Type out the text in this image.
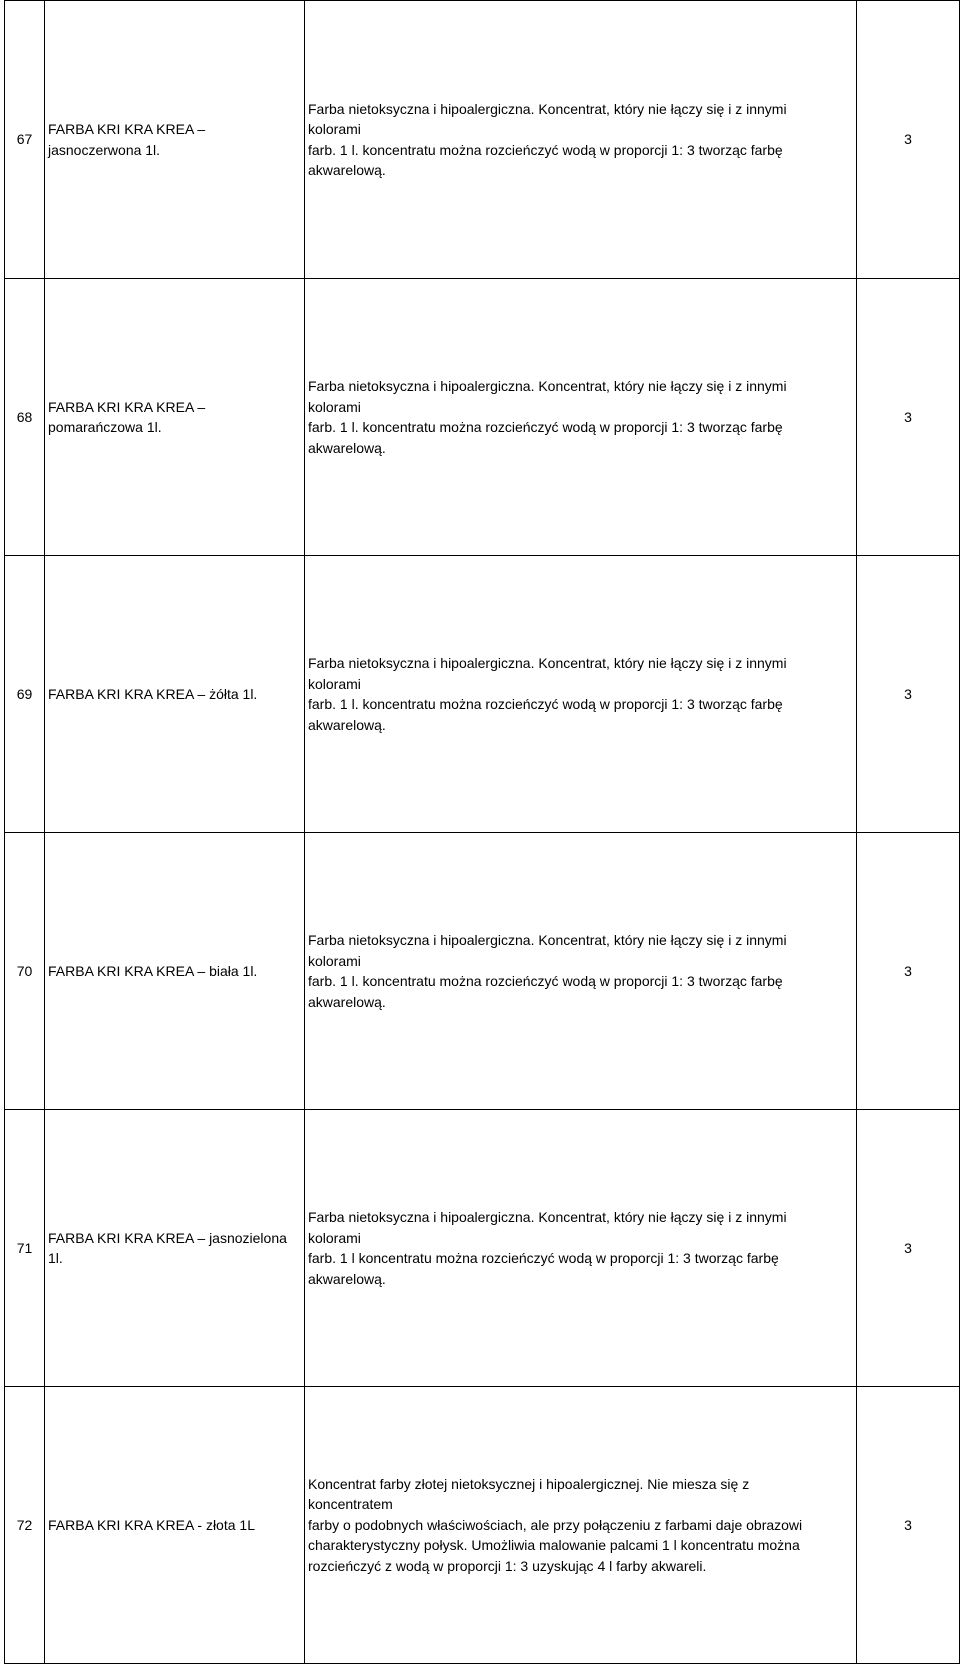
67	FARBA KRI KRA KREA –
jasnoczerwona 1l.	Farba nietoksyczna i hipoalergiczna. Koncentrat, który nie łączy się i z innymi
kolorami
farb. 1 l. koncentratu można rozcieńczyć wodą w proporcji 1: 3 tworząc farbę
akwarelową.	3
68	FARBA KRI KRA KREA –
pomarańczowa 1l.	Farba nietoksyczna i hipoalergiczna. Koncentrat, który nie łączy się i z innymi
kolorami
farb. 1 l. koncentratu można rozcieńczyć wodą w proporcji 1: 3 tworząc farbę
akwarelową.	3
69	FARBA KRI KRA KREA – żółta 1l.	Farba nietoksyczna i hipoalergiczna. Koncentrat, który nie łączy się i z innymi
kolorami
farb. 1 l. koncentratu można rozcieńczyć wodą w proporcji 1: 3 tworząc farbę
akwarelową.	3
70	FARBA KRI KRA KREA – biała 1l.	Farba nietoksyczna i hipoalergiczna. Koncentrat, który nie łączy się i z innymi
kolorami
farb. 1 l. koncentratu można rozcieńczyć wodą w proporcji 1: 3 tworząc farbę
akwarelową.	3
71	FARBA KRI KRA KREA – jasnozielona
1l.	Farba nietoksyczna i hipoalergiczna. Koncentrat, który nie łączy się i z innymi
kolorami
farb. 1 l koncentratu można rozcieńczyć wodą w proporcji 1: 3 tworząc farbę
akwarelową.	3
72	FARBA KRI KRA KREA - złota 1L	Koncentrat farby złotej nietoksycznej i hipoalergicznej. Nie miesza się z
koncentratem
farby o podobnych właściwościach, ale przy połączeniu z farbami daje obrazowi
charakterystyczny połysk. Umożliwia malowanie palcami 1 l koncentratu można
rozcieńczyć z wodą w proporcji 1: 3 uzyskując 4 l farby akwareli.	3
